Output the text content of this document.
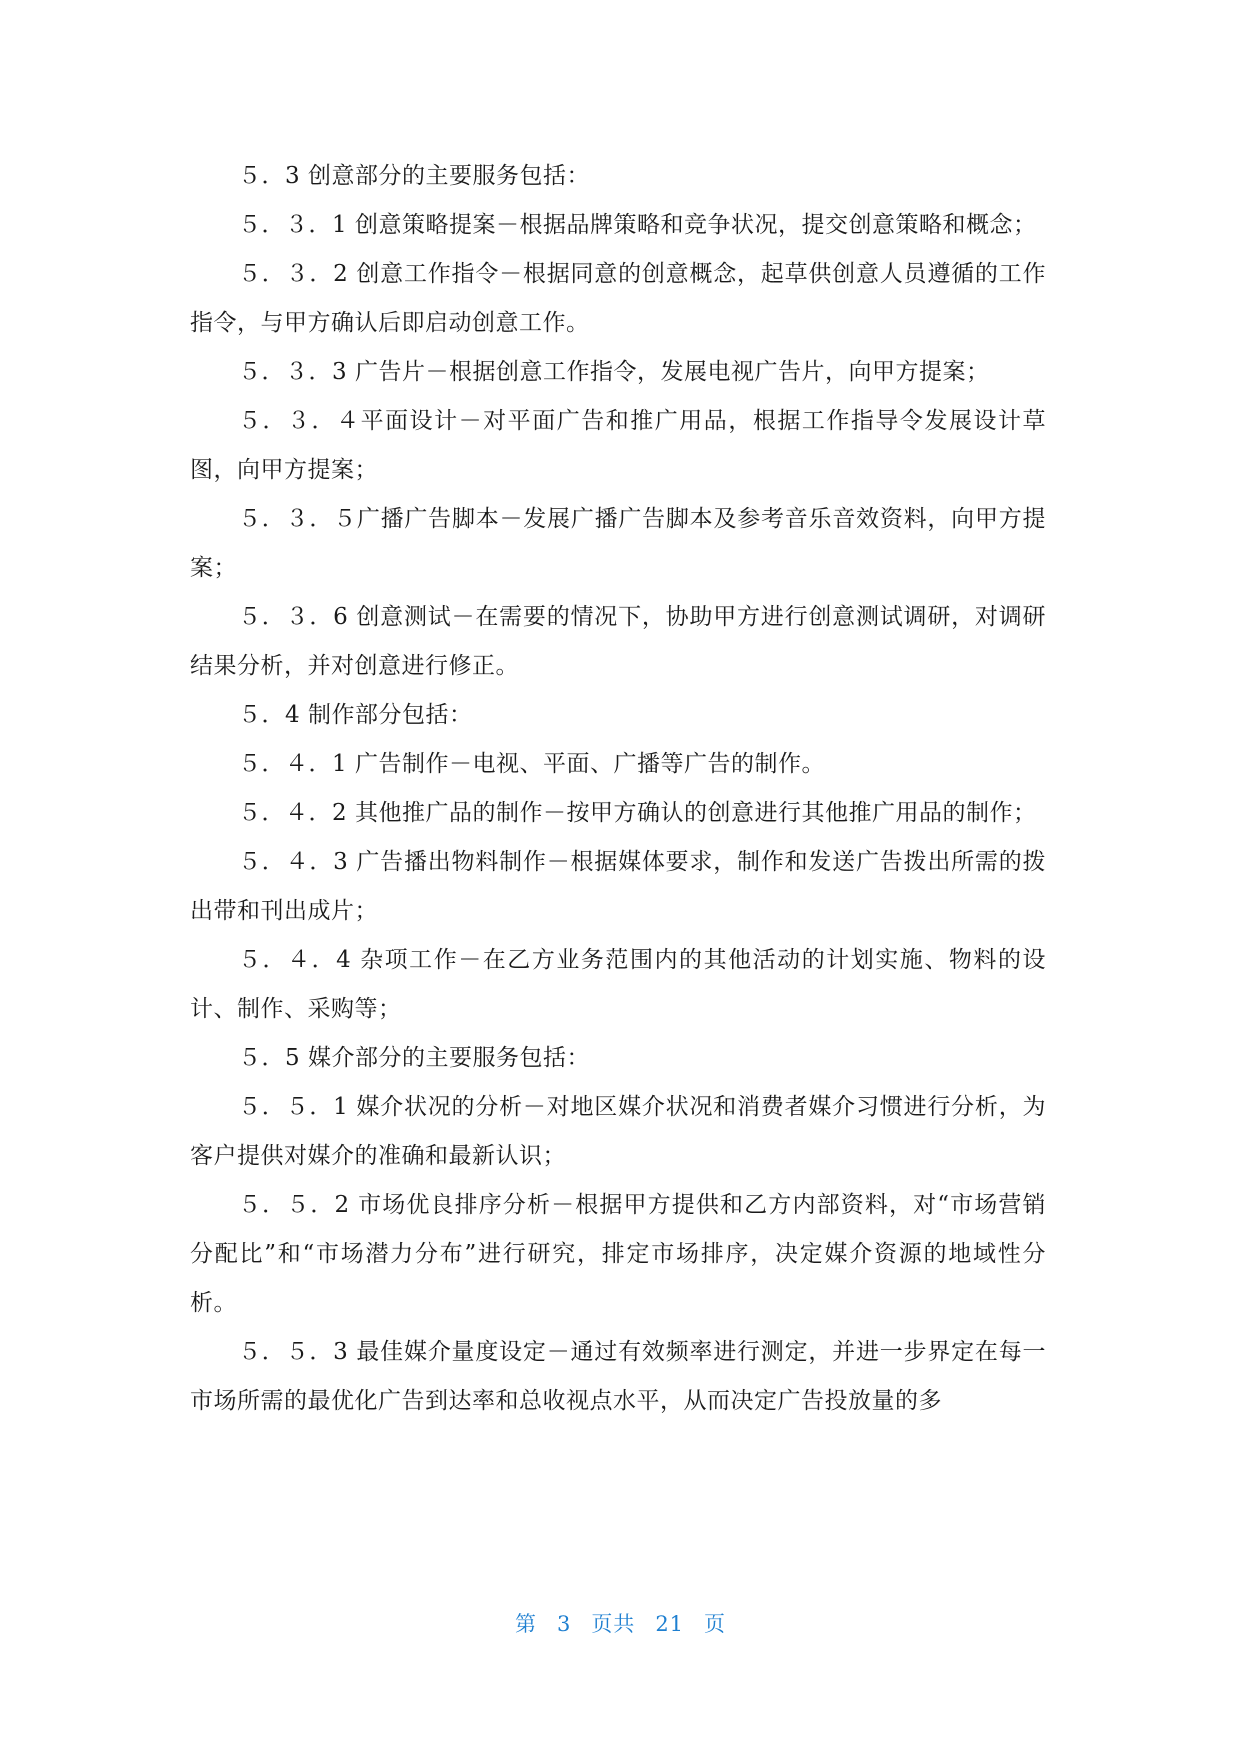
５．3 创意部分的主要服务包括：

５．３．1 创意策略提案－根据品牌策略和竞争状况，提交创意策略和概念；

５．３．2 创意工作指令－根据同意的创意概念，起草供创意人员遵循的工作指令，与甲方确认后即启动创意工作。

５．３．3 广告片－根据创意工作指令，发展电视广告片，向甲方提案；

５．３．４平面设计－对平面广告和推广用品，根据工作指导令发展设计草图，向甲方提案；

５．３．５广播广告脚本－发展广播广告脚本及参考音乐音效资料，向甲方提案；

５．３．6 创意测试－在需要的情况下，协助甲方进行创意测试调研，对调研结果分析，并对创意进行修正。

５．4 制作部分包括：

５．４．1 广告制作－电视、平面、广播等广告的制作。

５．４．2 其他推广品的制作－按甲方确认的创意进行其他推广用品的制作；

５．４．3 广告播出物料制作－根据媒体要求，制作和发送广告拨出所需的拨出带和刊出成片；

５．４．4 杂项工作－在乙方业务范围内的其他活动的计划实施、物料的设计、制作、采购等；

５．5 媒介部分的主要服务包括：

５．５．1 媒介状况的分析－对地区媒介状况和消费者媒介习惯进行分析，为客户提供对媒介的准确和最新认识；

５．５．2 市场优良排序分析－根据甲方提供和乙方内部资料，对“市场营销分配比”和“市场潜力分布”进行研究，排定市场排序，决定媒介资源的地域性分析。

５．５．3 最佳媒介量度设定－通过有效频率进行测定，并进一步界定在每一市场所需的最优化广告到达率和总收视点水平，从而决定广告投放量的多

第 3 页共 21 页
